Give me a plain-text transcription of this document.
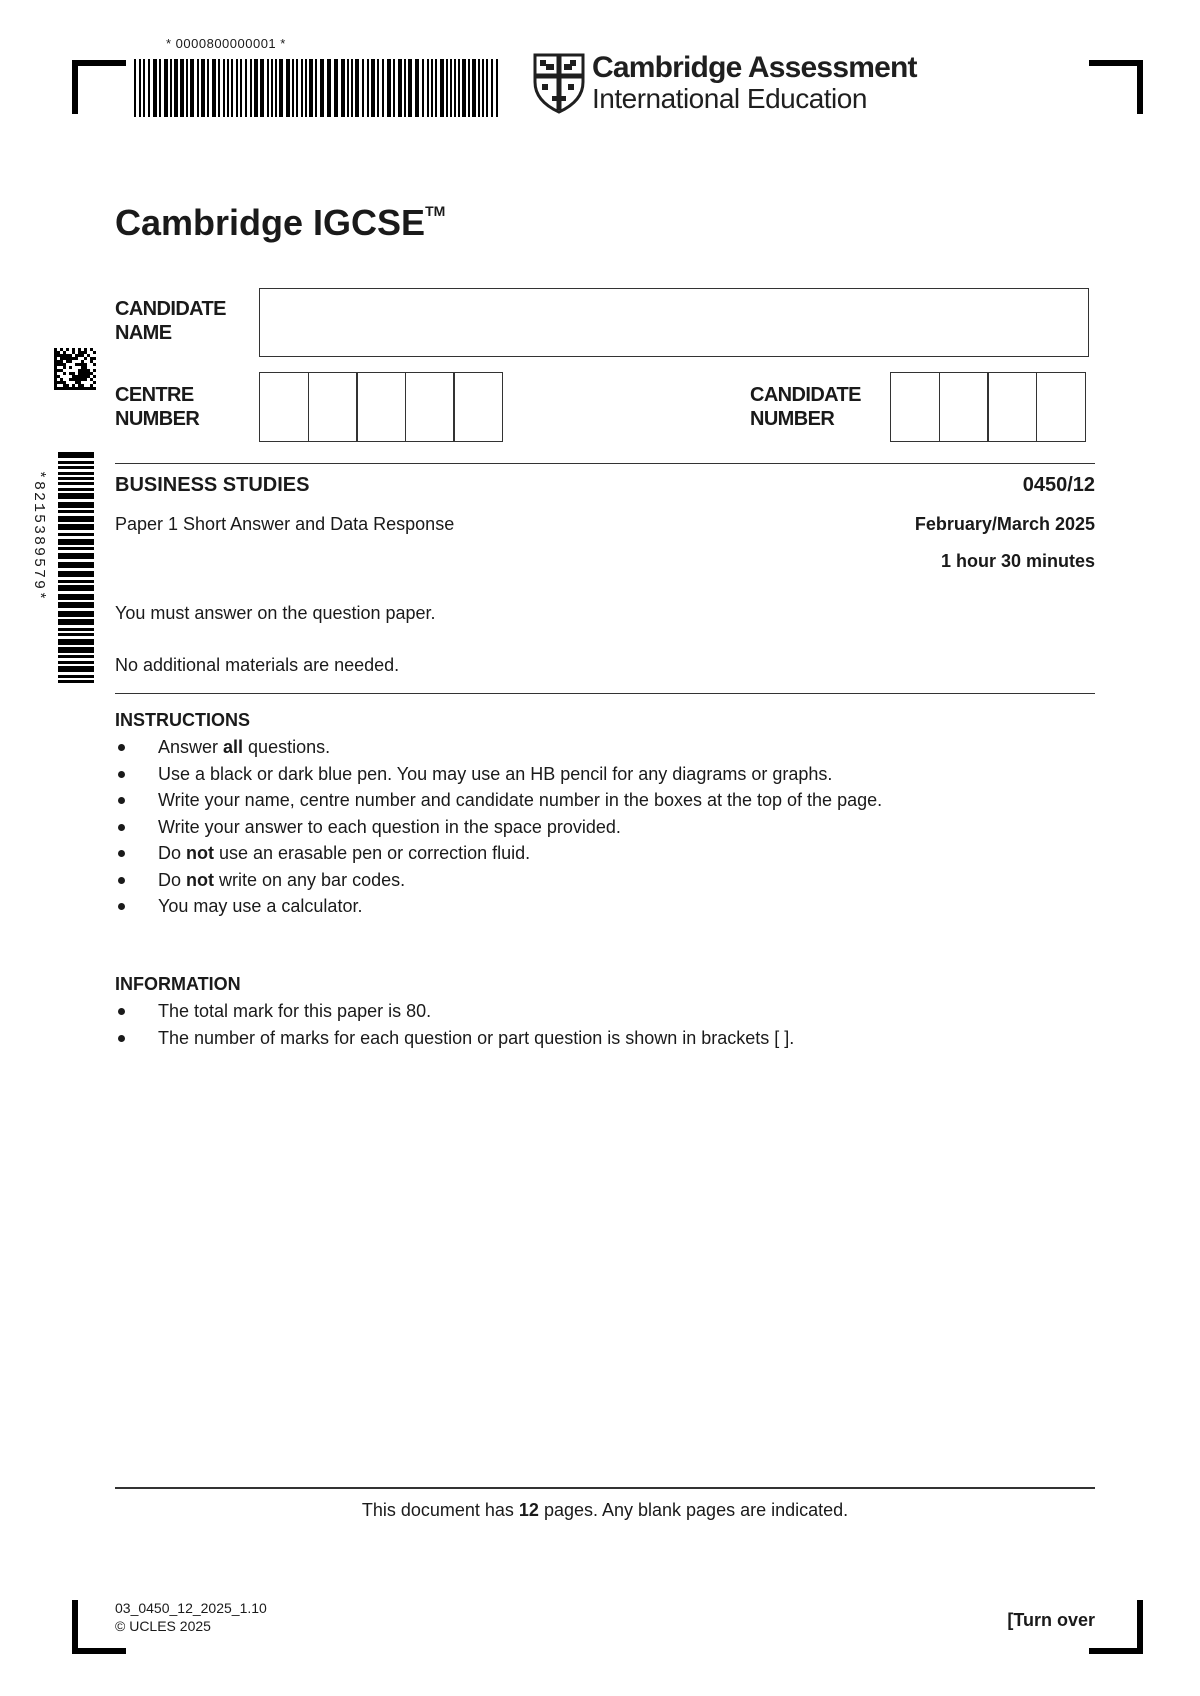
* 0000800000001 *
*8215389579*
Cambridge Assessment
International Education
Cambridge IGCSE™
CANDIDATE
NAME
CENTRE
NUMBER
CANDIDATE
NUMBER
BUSINESS STUDIES	0450/12
Paper 1 Short Answer and Data Response	February/March 2025
1 hour 30 minutes
You must answer on the question paper.
No additional materials are needed.
INSTRUCTIONS
Answer all questions.
Use a black or dark blue pen. You may use an HB pencil for any diagrams or graphs.
Write your name, centre number and candidate number in the boxes at the top of the page.
Write your answer to each question in the space provided.
Do not use an erasable pen or correction fluid.
Do not write on any bar codes.
You may use a calculator.
INFORMATION
The total mark for this paper is 80.
The number of marks for each question or part question is shown in brackets [ ].
This document has 12 pages. Any blank pages are indicated.
03_0450_12_2025_1.10
© UCLES 2025	[Turn over
